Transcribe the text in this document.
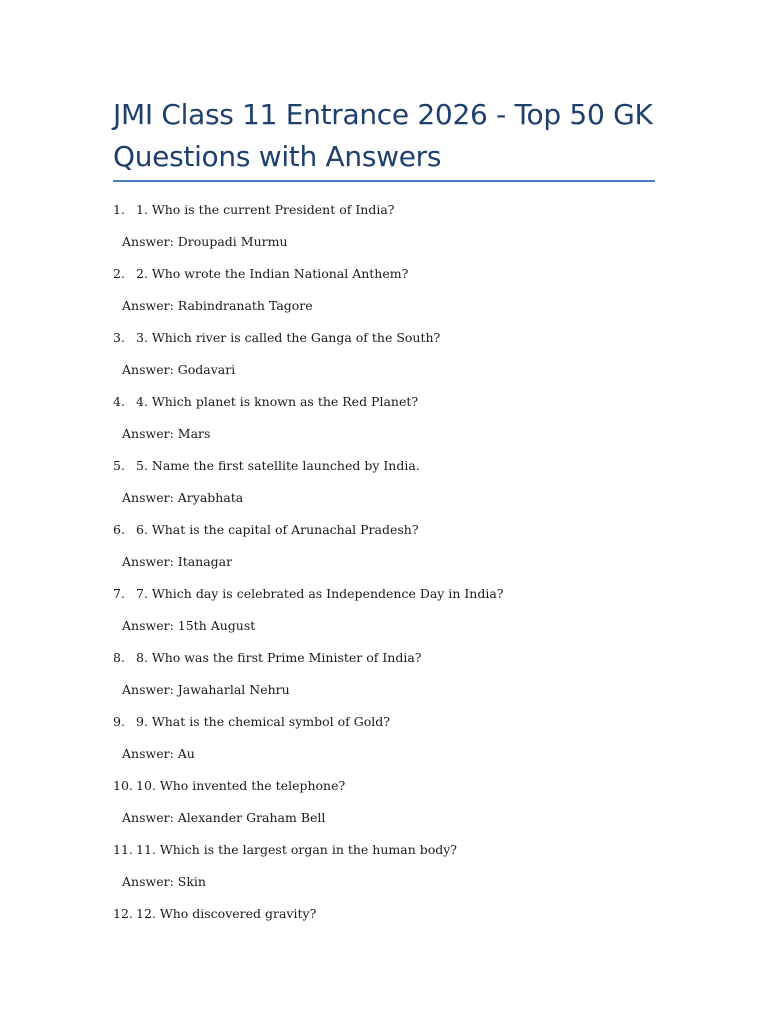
JMI Class 11 Entrance 2026 - Top 50 GK Questions with Answers
1. 1. Who is the current President of India?
Answer: Droupadi Murmu
2. 2. Who wrote the Indian National Anthem?
Answer: Rabindranath Tagore
3. 3. Which river is called the Ganga of the South?
Answer: Godavari
4. 4. Which planet is known as the Red Planet?
Answer: Mars
5. 5. Name the first satellite launched by India.
Answer: Aryabhata
6. 6. What is the capital of Arunachal Pradesh?
Answer: Itanagar
7. 7. Which day is celebrated as Independence Day in India?
Answer: 15th August
8. 8. Who was the first Prime Minister of India?
Answer: Jawaharlal Nehru
9. 9. What is the chemical symbol of Gold?
Answer: Au
10. 10. Who invented the telephone?
Answer: Alexander Graham Bell
11. 11. Which is the largest organ in the human body?
Answer: Skin
12. 12. Who discovered gravity?
